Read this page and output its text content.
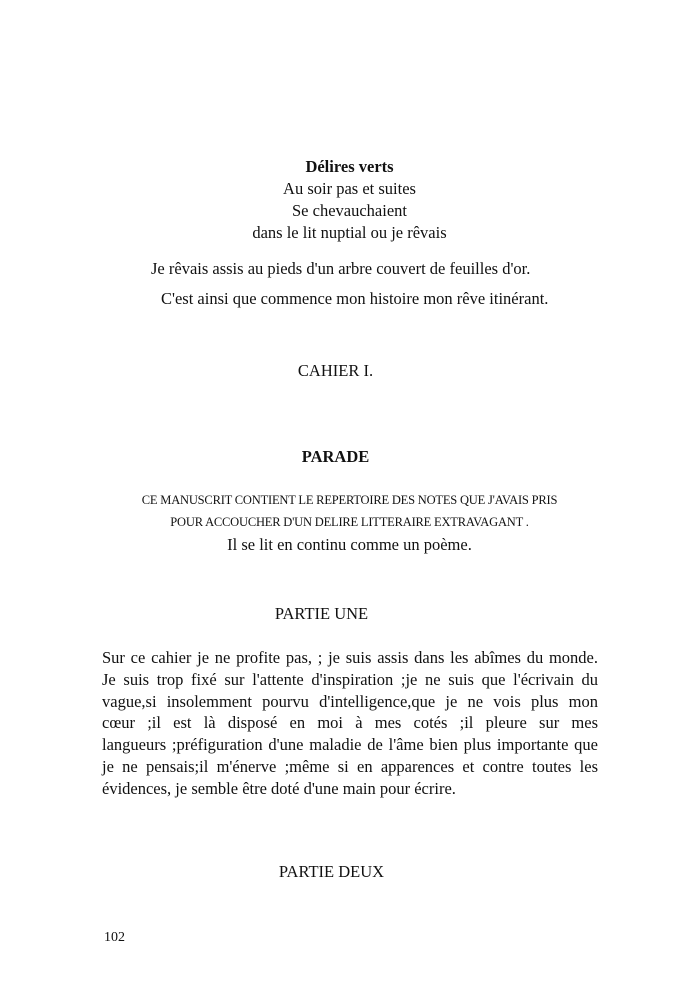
Délires verts
Au soir pas et suites
Se chevauchaient
dans le lit nuptial ou je rêvais
Je rêvais assis au pieds d'un arbre couvert de feuilles d'or.
C'est ainsi que commence mon histoire mon rêve itinérant.
CAHIER I.
PARADE
CE MANUSCRIT CONTIENT LE REPERTOIRE DES NOTES QUE J'AVAIS PRIS
POUR ACCOUCHER D'UN DELIRE LITTERAIRE EXTRAVAGANT .
Il se lit en continu comme un poème.
PARTIE UNE
Sur ce cahier je ne profite pas, ; je suis assis dans les abîmes du monde.
Je suis trop fixé sur l'attente d'inspiration ;je ne suis que l'écrivain du
vague,si insolemment pourvu d'intelligence,que je ne vois plus mon
cœur ;il est là disposé en moi à mes cotés ;il pleure sur mes
langueurs ;préfiguration d'une maladie de l'âme bien plus importante que
je ne pensais;il m'énerve ;même si en apparences et contre toutes les
évidences, je semble être doté d'une main pour écrire.
PARTIE DEUX
102
